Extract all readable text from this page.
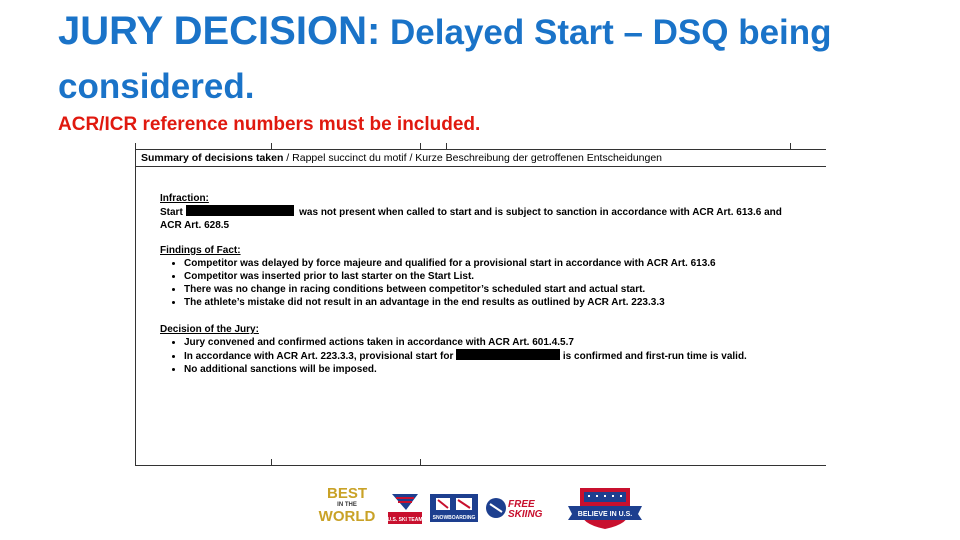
JURY DECISION: Delayed Start – DSQ being considered.
ACR/ICR reference numbers must be included.
Summary of decisions taken / Rappel succinct du motif / Kurze Beschreibung der getroffenen Entscheidungen
Infraction:
Start	was not present when called to start and is subject to sanction in accordance with ACR Art. 613.6 and
ACR Art. 628.5
Findings of Fact:
• Competitor was delayed by force majeure and qualified for a provisional start in accordance with ACR Art. 613.6
• Competitor was inserted prior to last starter on the Start List.
• There was no change in racing conditions between competitor’s scheduled start and actual start.
• The athlete’s mistake did not result in an advantage in the end results as outlined by ACR Art. 223.3.3
Decision of the Jury:
• Jury convened and confirmed actions taken in accordance with ACR Art. 601.4.5.7
• In accordance with ACR Art. 223.3.3, provisional start for	is confirmed and first-run time is valid.
• No additional sanctions will be imposed.
BEST
IN THE
WORLD U.S. SKI TEAM SNOWBOARDING
FREE
SKIING	BELIEVE IN U.S.
